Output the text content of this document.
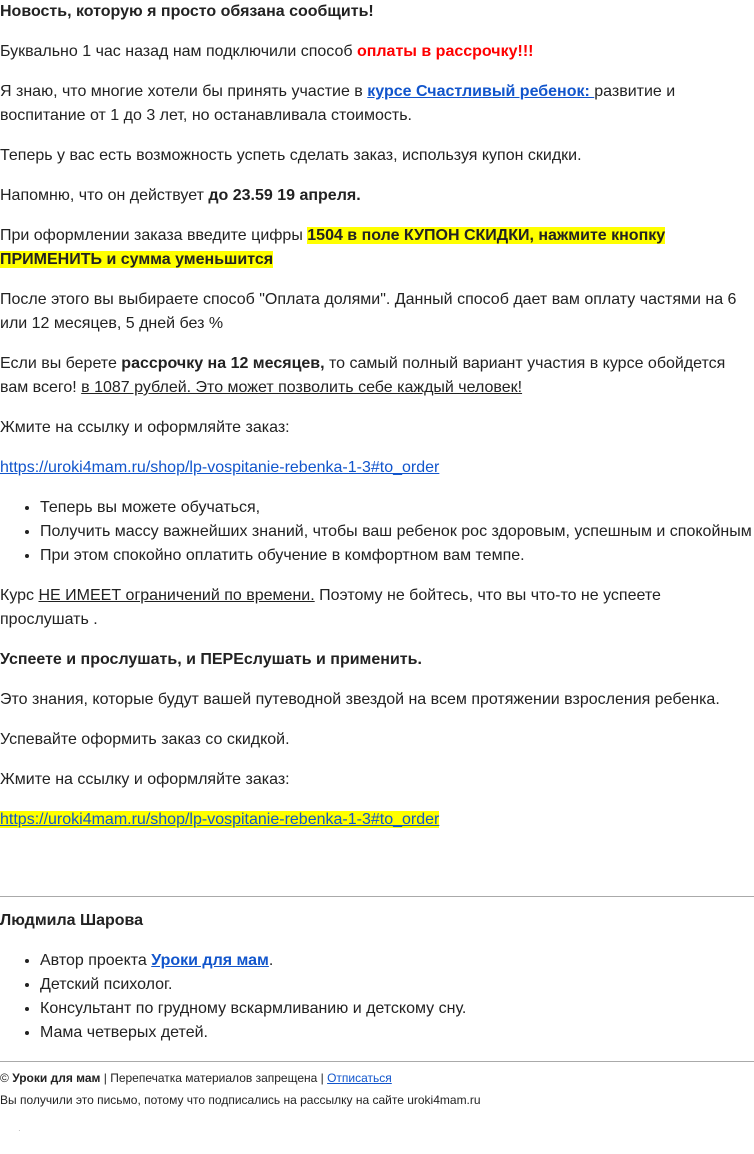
Новость, которую я просто обязана сообщить!

Буквально 1 час назад нам подключили способ оплаты в рассрочку!!!

Я знаю, что многие хотели бы принять участие в курсе Счастливый ребенок: развитие и воспитание от 1 до 3 лет, но останавливала стоимость.

Теперь у вас есть возможность успеть сделать заказ, используя купон скидки.

Напомню, что он действует до 23.59 19 апреля.

При оформлении заказа введите цифры 1504 в поле КУПОН СКИДКИ, нажмите кнопку ПРИМЕНИТЬ и сумма уменьшится

После этого вы выбираете способ "Оплата долями". Данный способ дает вам оплату частями на 6 или 12 месяцев, 5 дней без %

Если вы берете рассрочку на 12 месяцев, то самый полный вариант участия в курсе обойдется вам всего! в 1087 рублей. Это может позволить себе каждый человек!

Жмите на ссылку и оформляйте заказ:

https://uroki4mam.ru/shop/lp-vospitanie-rebenka-1-3#to_order

• Теперь вы можете обучаться,
• Получить массу важнейших знаний, чтобы ваш ребенок рос здоровым, успешным и спокойным
• При этом спокойно оплатить обучение в комфортном вам темпе.

Курс НЕ ИМЕЕТ ограничений по времени. Поэтому не бойтесь, что вы что-то не успеете прослушать .

Успеете и прослушать, и ПЕРЕслушать и применить.

Это знания, которые будут вашей путеводной звездой на всем протяжении взросления ребенка.

Успевайте оформить заказ со скидкой.

Жмите на ссылку и оформляйте заказ:

https://uroki4mam.ru/shop/lp-vospitanie-rebenka-1-3#to_order

Людмила Шарова

• Автор проекта Уроки для мам.
• Детский психолог.
• Консультант по грудному вскармливанию и детскому сну.
• Мама четверых детей.
© Уроки для мам | Перепечатка материалов запрещена | Отписаться
Вы получили это письмо, потому что подписались на рассылку на сайте uroki4mam.ru
·
